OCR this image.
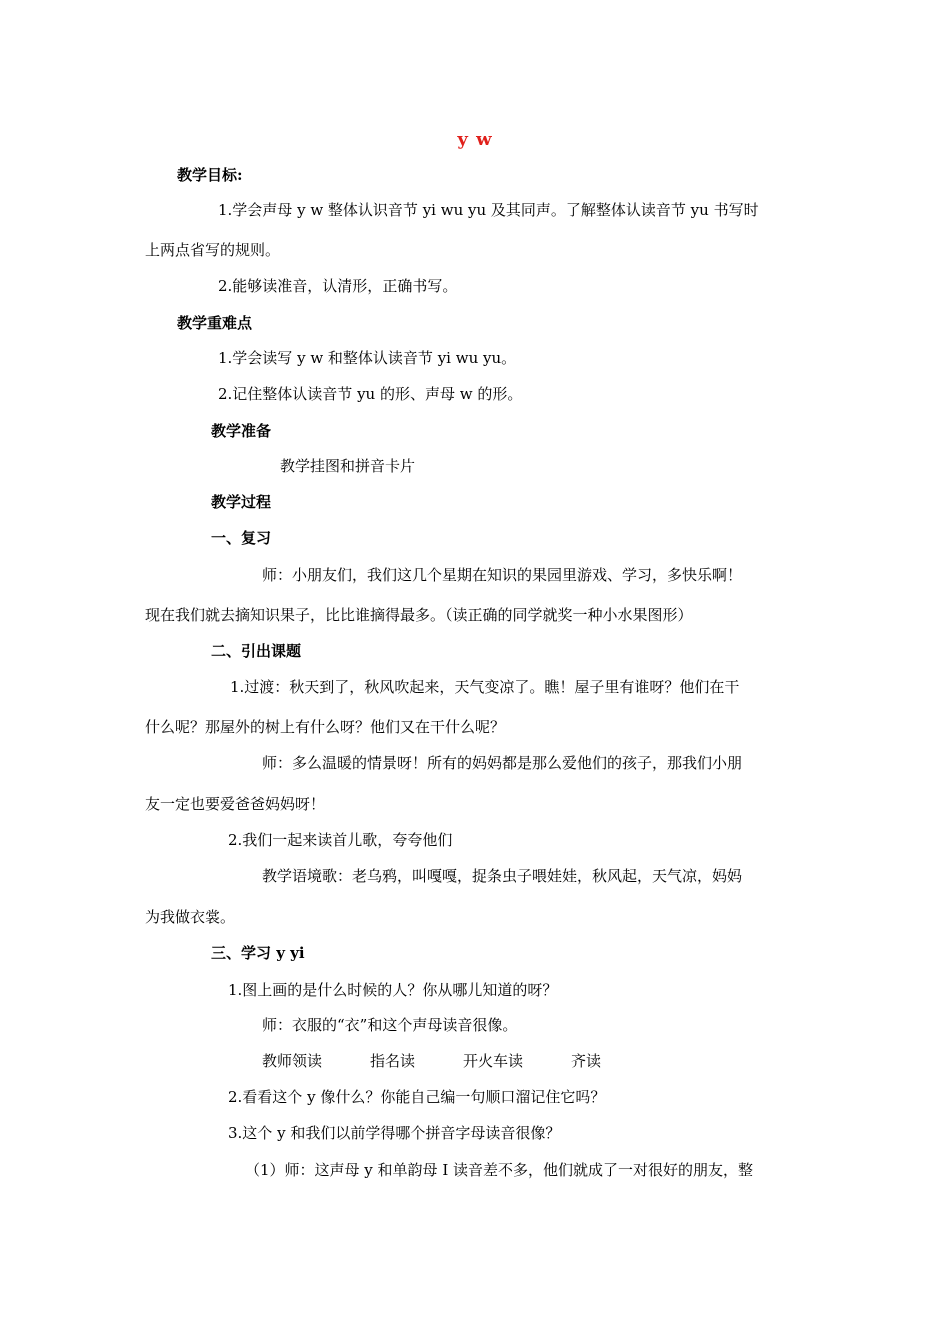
y w
教学目标:
1.学会声母 y w 整体认识音节 yi wu yu 及其同声。了解整体认读音节 yu 书写时
上两点省写的规则。
2.能够读准音，认清形，正确书写。
教学重难点
1.学会读写 y w 和整体认读音节 yi wu yu。
2.记住整体认读音节 yu 的形、声母 w 的形。
教学准备
教学挂图和拼音卡片
教学过程
一、复习
师：小朋友们，我们这几个星期在知识的果园里游戏、学习，多快乐啊！
现在我们就去摘知识果子，比比谁摘得最多。（读正确的同学就奖一种小水果图形）
二、引出课题
1.过渡：秋天到了，秋风吹起来，天气变凉了。瞧！屋子里有谁呀？他们在干
什么呢？那屋外的树上有什么呀？他们又在干什么呢？
师：多么温暖的情景呀！所有的妈妈都是那么爱他们的孩子，那我们小朋
友一定也要爱爸爸妈妈呀！
2.我们一起来读首儿歌，夸夸他们
教学语境歌：老乌鸦，叫嘎嘎，捉条虫子喂娃娃，秋风起，天气凉，妈妈
为我做衣裳。
三、学习 y yi
1.图上画的是什么时候的人？你从哪儿知道的呀？
师：衣服的“衣”和这个声母读音很像。
教师领读	指名读	开火车读	齐读
2.看看这个 y 像什么？你能自己编一句顺口溜记住它吗？
3.这个 y 和我们以前学得哪个拼音字母读音很像？
（1）师：这声母 y 和单韵母 I 读音差不多，他们就成了一对很好的朋友，整
